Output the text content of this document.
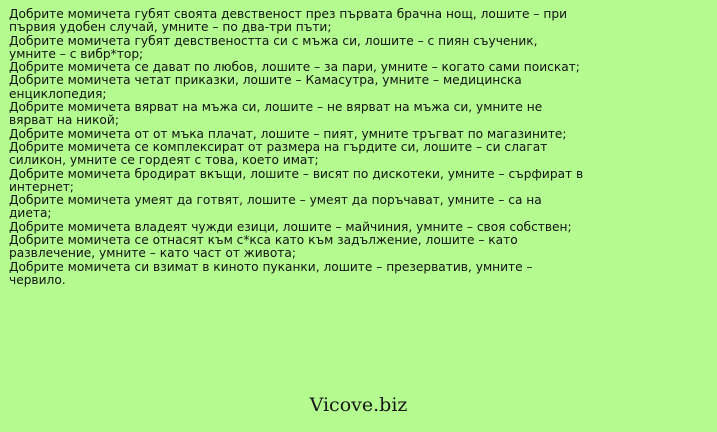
Добрите момичета губят своята девственост през първата брачна нощ, лошите – при първия удобен случай, умните – по два-три пъти;
Добрите момичета губят девствеността си с мъжа си, лошите – с пиян съученик, умните – с вибр*тор;
Добрите момичета се дават по любов, лошите – за пари, умните – когато сами поискат;
Добрите момичета четат приказки, лошите – Камасутра, умните – медицинска енциклопедия;
Добрите момичета вярват на мъжа си, лошите – не вярват на мъжа си, умните не вярват на никой;
Добрите момичета от от мъка плачат, лошите – пият, умните тръгват по магазините;
Добрите момичета се комплексират от размера на гърдите си, лошите – си слагат силикон, умните се гордеят с това, което имат;
Добрите момичета бродират вкъщи, лошите – висят по дискотеки, умните – сърфират в интернет;
Добрите момичета умеят да готвят, лошите – умеят да поръчават, умните – са на диета;
Добрите момичета владеят чужди езици, лошите – майчиния, умните – своя собствен;
Добрите момичета се отнасят към с*кса като към задължение, лошите – като развлечение, умните – като част от живота;
Добрите момичета си взимат в киното пуканки, лошите – презерватив, умните – червило.
Vicove.biz
